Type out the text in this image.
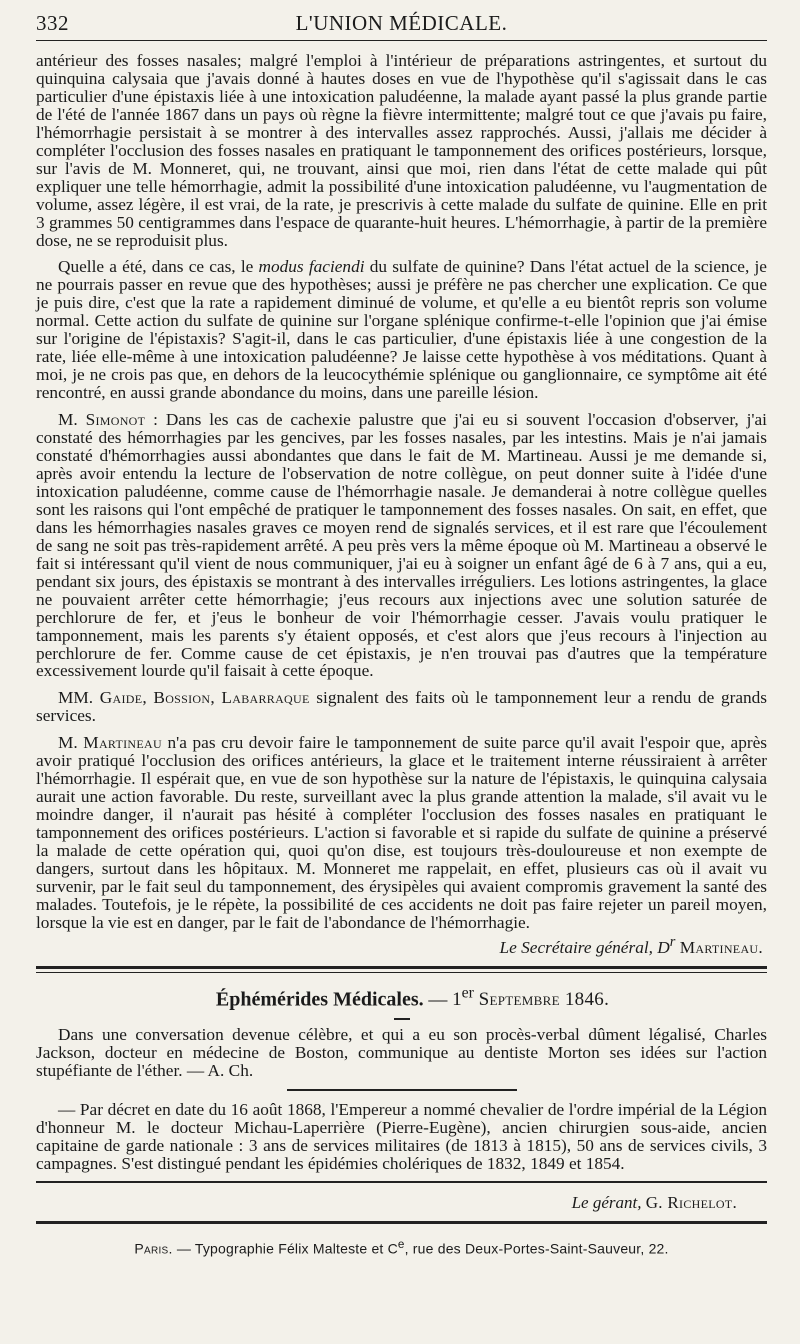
332	L'UNION MÉDICALE.

antérieur des fosses nasales; malgré l'emploi à l'intérieur de préparations astringentes, et surtout du quinquina calysaia que j'avais donné à hautes doses en vue de l'hypothèse qu'il s'agissait dans le cas particulier d'une épistaxis liée à une intoxication paludéenne, la malade ayant passé la plus grande partie de l'été de l'année 1867 dans un pays où règne la fièvre intermittente; malgré tout ce que j'avais pu faire, l'hémorrhagie persistait à se montrer à des intervalles assez rapprochés. Aussi, j'allais me décider à compléter l'occlusion des fosses nasales en pratiquant le tamponnement des orifices postérieurs, lorsque, sur l'avis de M. Monneret, qui, ne trouvant, ainsi que moi, rien dans l'état de cette malade qui pût expliquer une telle hémorrhagie, admit la possibilité d'une intoxication paludéenne, vu l'augmentation de volume, assez légère, il est vrai, de la rate, je prescrivis à cette malade du sulfate de quinine. Elle en prit 3 grammes 50 centigrammes dans l'espace de quarante-huit heures. L'hémorrhagie, à partir de la première dose, ne se reproduisit plus.

Quelle a été, dans ce cas, le modus faciendi du sulfate de quinine? Dans l'état actuel de la science, je ne pourrais passer en revue que des hypothèses; aussi je préfère ne pas chercher une explication. Ce que je puis dire, c'est que la rate a rapidement diminué de volume, et qu'elle a eu bientôt repris son volume normal. Cette action du sulfate de quinine sur l'organe splénique confirme-t-elle l'opinion que j'ai émise sur l'origine de l'épistaxis? S'agit-il, dans le cas particulier, d'une épistaxis liée à une congestion de la rate, liée elle-même à une intoxication paludéenne? Je laisse cette hypothèse à vos méditations. Quant à moi, je ne crois pas que, en dehors de la leucocythémie splénique ou ganglionnaire, ce symptôme ait été rencontré, en aussi grande abondance du moins, dans une pareille lésion.

M. Simonot : Dans les cas de cachexie palustre que j'ai eu si souvent l'occasion d'observer, j'ai constaté des hémorrhagies par les gencives, par les fosses nasales, par les intestins. Mais je n'ai jamais constaté d'hémorrhagies aussi abondantes que dans le fait de M. Martineau. Aussi je me demande si, après avoir entendu la lecture de l'observation de notre collègue, on peut donner suite à l'idée d'une intoxication paludéenne, comme cause de l'hémorrhagie nasale. Je demanderai à notre collègue quelles sont les raisons qui l'ont empêché de pratiquer le tamponnement des fosses nasales. On sait, en effet, que dans les hémorrhagies nasales graves ce moyen rend de signalés services, et il est rare que l'écoulement de sang ne soit pas très-rapidement arrêté. A peu près vers la même époque où M. Martineau a observé le fait si intéressant qu'il vient de nous communiquer, j'ai eu à soigner un enfant âgé de 6 à 7 ans, qui a eu, pendant six jours, des épistaxis se montrant à des intervalles irréguliers. Les lotions astringentes, la glace ne pouvaient arrêter cette hémorrhagie; j'eus recours aux injections avec une solution saturée de perchlorure de fer, et j'eus le bonheur de voir l'hémorrhagie cesser. J'avais voulu pratiquer le tamponnement, mais les parents s'y étaient opposés, et c'est alors que j'eus recours à l'injection au perchlorure de fer. Comme cause de cet épistaxis, je n'en trouvai pas d'autres que la température excessivement lourde qu'il faisait à cette époque.

MM. Gaide, Bossion, Labarraque signalent des faits où le tamponnement leur a rendu de grands services.

M. Martineau n'a pas cru devoir faire le tamponnement de suite parce qu'il avait l'espoir que, après avoir pratiqué l'occlusion des orifices antérieurs, la glace et le traitement interne réussiraient à arrêter l'hémorrhagie. Il espérait que, en vue de son hypothèse sur la nature de l'épistaxis, le quinquina calysaia aurait une action favorable. Du reste, surveillant avec la plus grande attention la malade, s'il avait vu le moindre danger, il n'aurait pas hésité à compléter l'occlusion des fosses nasales en pratiquant le tamponnement des orifices postérieurs. L'action si favorable et si rapide du sulfate de quinine a préservé la malade de cette opération qui, quoi qu'on dise, est toujours très-douloureuse et non exempte de dangers, surtout dans les hôpitaux. M. Monneret me rappelait, en effet, plusieurs cas où il avait vu survenir, par le fait seul du tamponnement, des érysipèles qui avaient compromis gravement la santé des malades. Toutefois, je le répète, la possibilité de ces accidents ne doit pas faire rejeter un pareil moyen, lorsque la vie est en danger, par le fait de l'abondance de l'hémorrhagie.

Le Secrétaire général, $D^r$ Martineau.

Éphémérides Médicales. — 1er Septembre 1846.

Dans une conversation devenue célèbre, et qui a eu son procès-verbal dûment légalisé, Charles Jackson, docteur en médecine de Boston, communique au dentiste Morton ses idées sur l'action stupéfiante de l'éther. — A. Ch.

— Par décret en date du 16 août 1868, l'Empereur a nommé chevalier de l'ordre impérial de la Légion d'honneur M. le docteur Michau-Laperrière (Pierre-Eugène), ancien chirurgien sous-aide, ancien capitaine de garde nationale : 3 ans de services militaires (de 1813 à 1815), 50 ans de services civils, 3 campagnes. S'est distingué pendant les épidémies cholériques de 1832, 1849 et 1854.

Le gérant, G. Richelot.

Paris. — Typographie Félix Malteste et Ce, rue des Deux-Portes-Saint-Sauveur, 22.
